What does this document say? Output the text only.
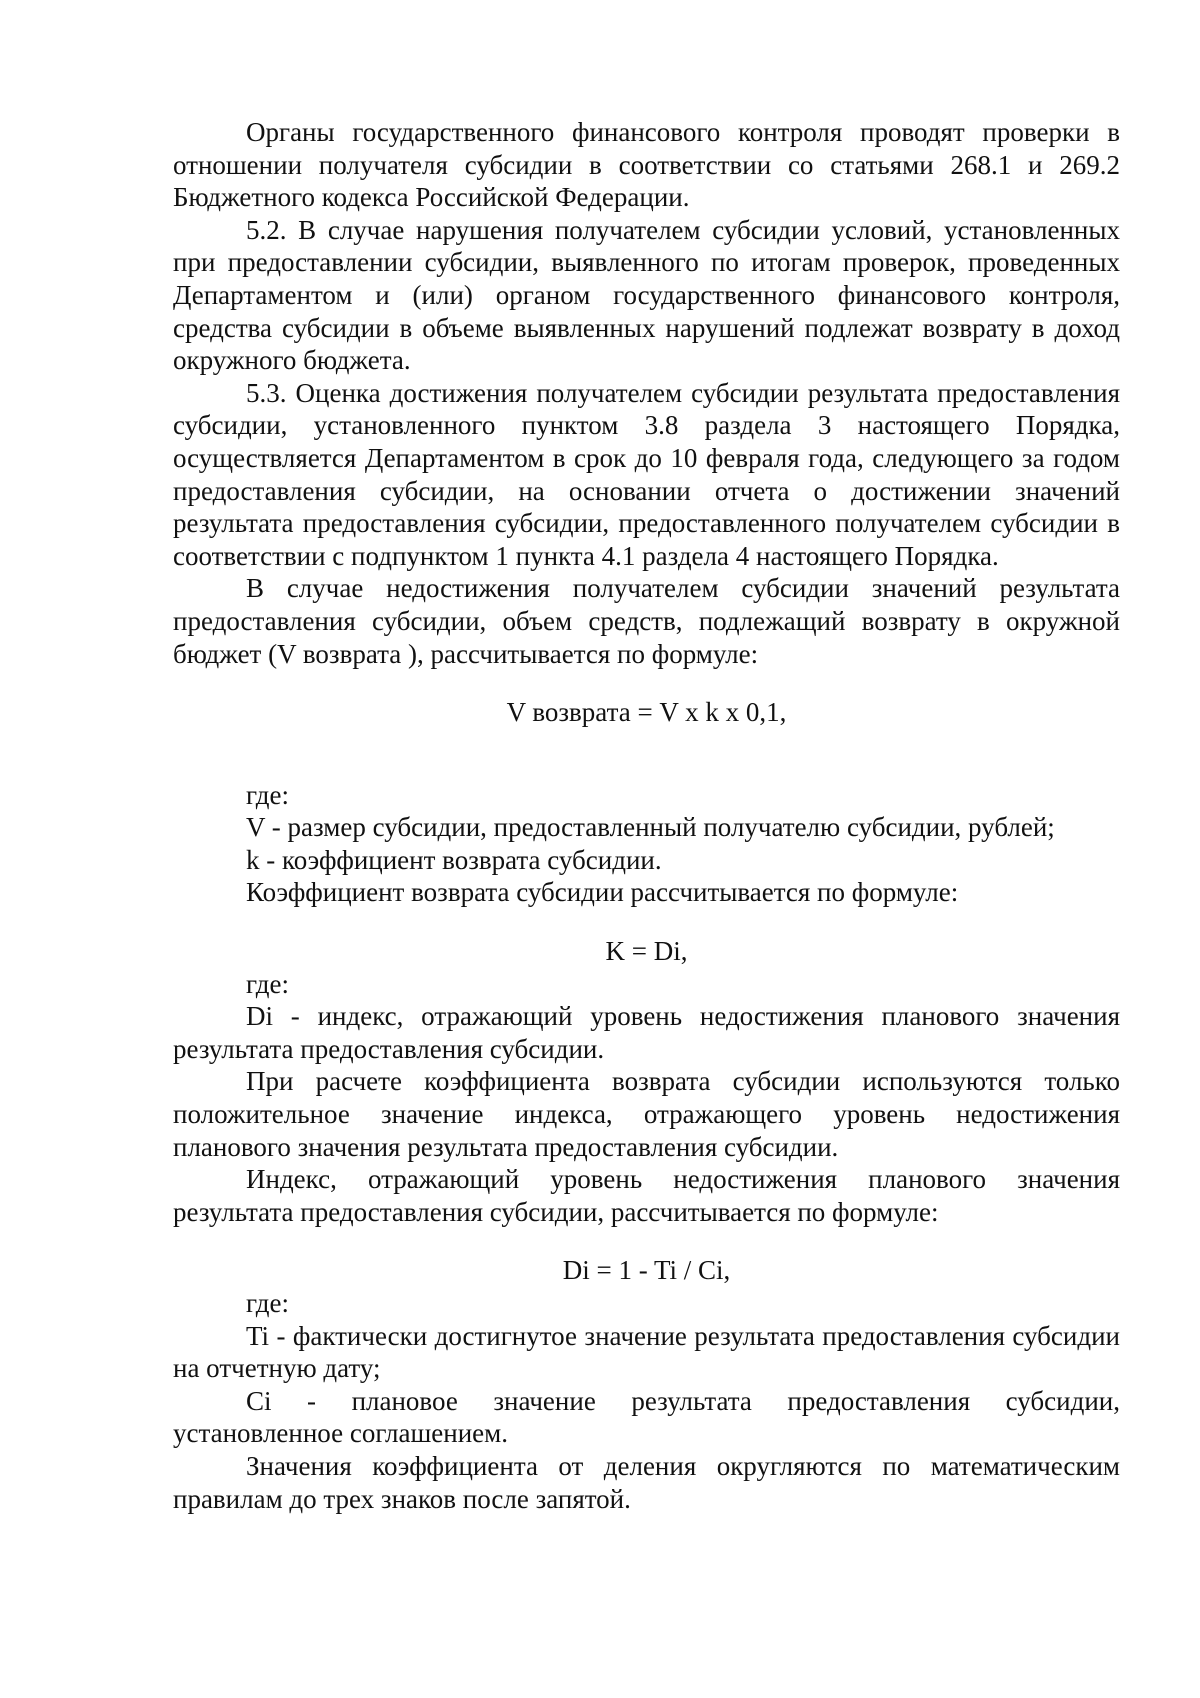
Органы государственного финансового контроля проводят проверки в отношении получателя субсидии в соответствии со статьями 268.1 и 269.2 Бюджетного кодекса Российской Федерации.

5.2. В случае нарушения получателем субсидии условий, установленных при предоставлении субсидии, выявленного по итогам проверок, проведенных Департаментом и (или) органом государственного финансового контроля, средства субсидии в объеме выявленных нарушений подлежат возврату в доход окружного бюджета.

5.3. Оценка достижения получателем субсидии результата предоставления субсидии, установленного пунктом 3.8 раздела 3 настоящего Порядка, осуществляется Департаментом в срок до 10 февраля года, следующего за годом предоставления субсидии, на основании отчета о достижении значений результата предоставления субсидии, предоставленного получателем субсидии в соответствии с подпунктом 1 пункта 4.1 раздела 4 настоящего Порядка.

В случае недостижения получателем субсидии значений результата предоставления субсидии, объем средств, подлежащий возврату в окружной бюджет (V возврата ), рассчитывается по формуле:

V возврата = V x k x 0,1,

где:

V - размер субсидии, предоставленный получателю субсидии, рублей;

k - коэффициент возврата субсидии.

Коэффициент возврата субсидии рассчитывается по формуле:

K = Di,

где:

Di - индекс, отражающий уровень недостижения планового значения результата предоставления субсидии.

При расчете коэффициента возврата субсидии используются только положительное значение индекса, отражающего уровень недостижения планового значения результата предоставления субсидии.

Индекс, отражающий уровень недостижения планового значения результата предоставления субсидии, рассчитывается по формуле:

Di = 1 - Ti / Ci,

где:

Ti - фактически достигнутое значение результата предоставления субсидии на отчетную дату;

Ci - плановое значение результата предоставления субсидии, установленное соглашением.

Значения коэффициента от деления округляются по математическим правилам до трех знаков после запятой.
